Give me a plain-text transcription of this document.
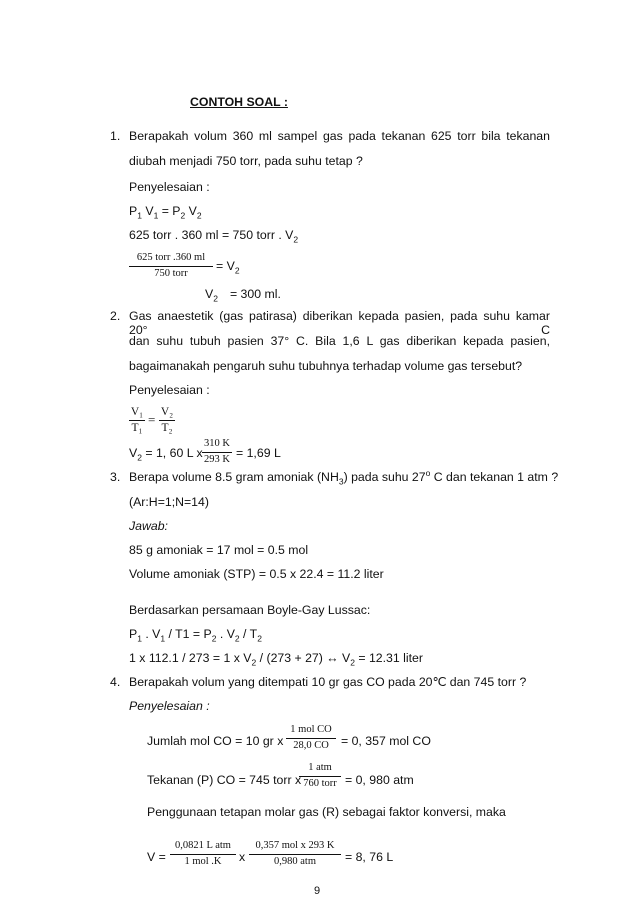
CONTOH SOAL :
1. Berapakah volum 360 ml sampel gas pada tekanan 625 torr bila tekanan
diubah menjadi 750 torr, pada suhu tetap ?
Penyelesaian :
$P_1$ $V_1 = P_2$ $V_2$
625 torr . 360 ml = 750 torr . $V_2$
625 torr .360 ml
750 torr
= $V_2$
$V_2 = 300$ ml.
2. Gas anaestetik (gas patirasa) diberikan kepada pasien, pada suhu kamar 20° C
dan suhu tubuh pasien 37° C. Bila 1,6 L gas diberikan kepada pasien,
bagaimanakah pengaruh suhu tubuhnya terhadap volume gas tersebut?
Penyelesaian :
V₁
T₁
= V₂
T₂
$V_2 = 1$, 60 L x
310 K
293 K = 1,69 L
3. Berapa volume 8.5 gram amoniak $(NH_3)$ pada suhu 27$^o$ C dan tekanan 1 atm ?
(Ar:H=1;N=14)
Jawab:
85 g amoniak = 17 mol = 0.5 mol
Volume amoniak (STP) = 0.5 x 22.4 = 11.2 liter
Berdasarkan persamaan Boyle-Gay Lussac:
$P_1$ . $V_1 / T1 = P_2$ . $V_2 / T_2$
1 x 112.1 / 273 = 1 x $V_2 / (273 + 27)$ ↔ $V_2 = 12.31$ liter
4. Berapakah volum yang ditempati 10 gr gas CO pada 20℃ dan 745 torr ?
Penyelesaian :
Jumlah mol CO = 10 gr x
1 mol CO
28,0 CO = 0, 357 mol CO
Tekanan (P) CO = 745 torr x
1 atm
760 torr = 0, 980 atm
Penggunaan tetapan molar gas (R) sebagai faktor konversi, maka
V =
0,0821 L atm
1 mol .K	x
0,357 mol x 293 K
0,980 atm	= 8, 76 L
9
